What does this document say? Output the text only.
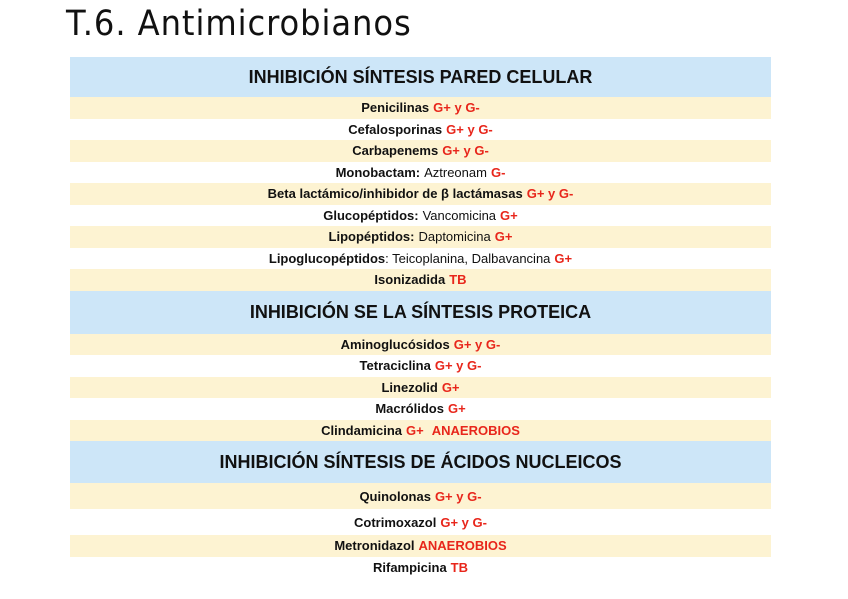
T.6. Antimicrobianos
INHIBICIÓN SÍNTESIS PARED CELULAR
Penicilinas G+ y G-
Cefalosporinas G+ y G-
Carbapenems G+ y G-
Monobactam: Aztreonam G-
Beta lactámico/inhibidor de β lactámasas G+ y G-
Glucopéptidos: Vancomicina G+
Lipopéptidos: Daptomicina G+
Lipoglucopéptidos : Teicoplanina, Dalbavancina G+
Isonizadida TB
INHIBICIÓN SE LA SÍNTESIS PROTEICA
Aminoglucósidos G+ y G-
Tetraciclina G+ y G-
Linezolid G+
Macrólidos G+
Clindamicina G+ ANAEROBIOS
INHIBICIÓN SÍNTESIS DE ÁCIDOS NUCLEICOS
Quinolonas G+ y G-
Cotrimoxazol G+ y G-
Metronidazol ANAEROBIOS
Rifampicina TB
